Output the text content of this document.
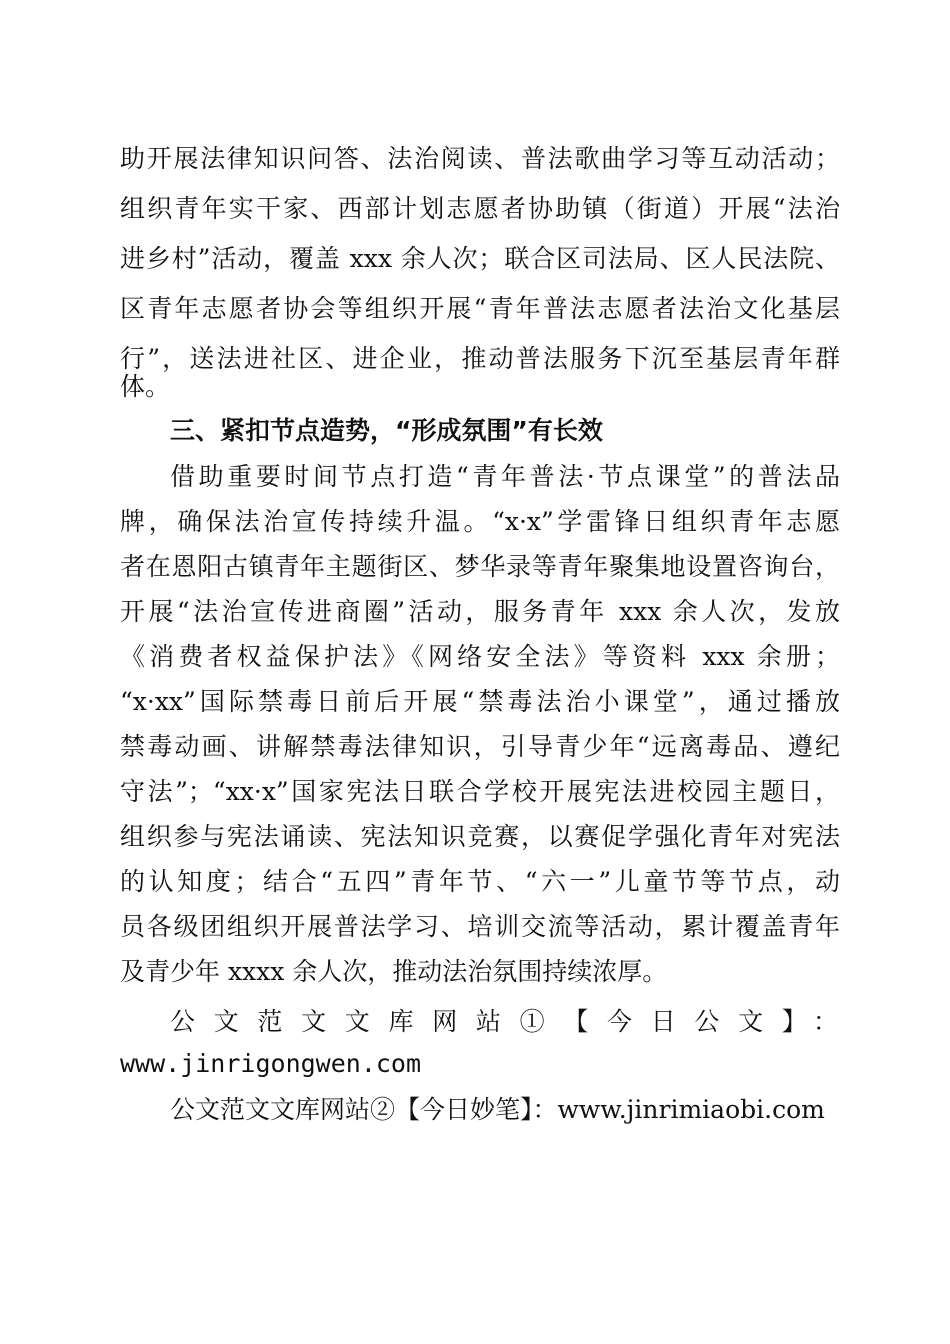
助开展法律知识问答、法治阅读、普法歌曲学习等互动活动；
组织青年实干家、西部计划志愿者协助镇（街道）开展“法治
进乡村”活动，覆盖 xxx 余人次；联合区司法局、区人民法院、
区青年志愿者协会等组织开展“青年普法志愿者法治文化基层
行”，送法进社区、进企业，推动普法服务下沉至基层青年群
体。
三、紧扣节点造势，“形成氛围”有长效
借助重要时间节点打造“青年普法·节点课堂”的普法品
牌，确保法治宣传持续升温。“x·x”学雷锋日组织青年志愿
者在恩阳古镇青年主题街区、梦华录等青年聚集地设置咨询台，
开展“法治宣传进商圈”活动，服务青年 xxx 余人次，发放
《消费者权益保护法》《网络安全法》等资料 xxx 余册；
“x·xx”国际禁毒日前后开展“禁毒法治小课堂”，通过播放
禁毒动画、讲解禁毒法律知识，引导青少年“远离毒品、遵纪
守法”；“xx·x”国家宪法日联合学校开展宪法进校园主题日，
组织参与宪法诵读、宪法知识竞赛，以赛促学强化青年对宪法
的认知度；结合“五四”青年节、“六一”儿童节等节点，动
员各级团组织开展普法学习、培训交流等活动，累计覆盖青年
及青少年 xxxx 余人次，推动法治氛围持续浓厚。
公文范文文库网站①【今日公文】：
www.jinrigongwen.com
公文范文文库网站②【今日妙笔】：www.jinrimiaobi.com
